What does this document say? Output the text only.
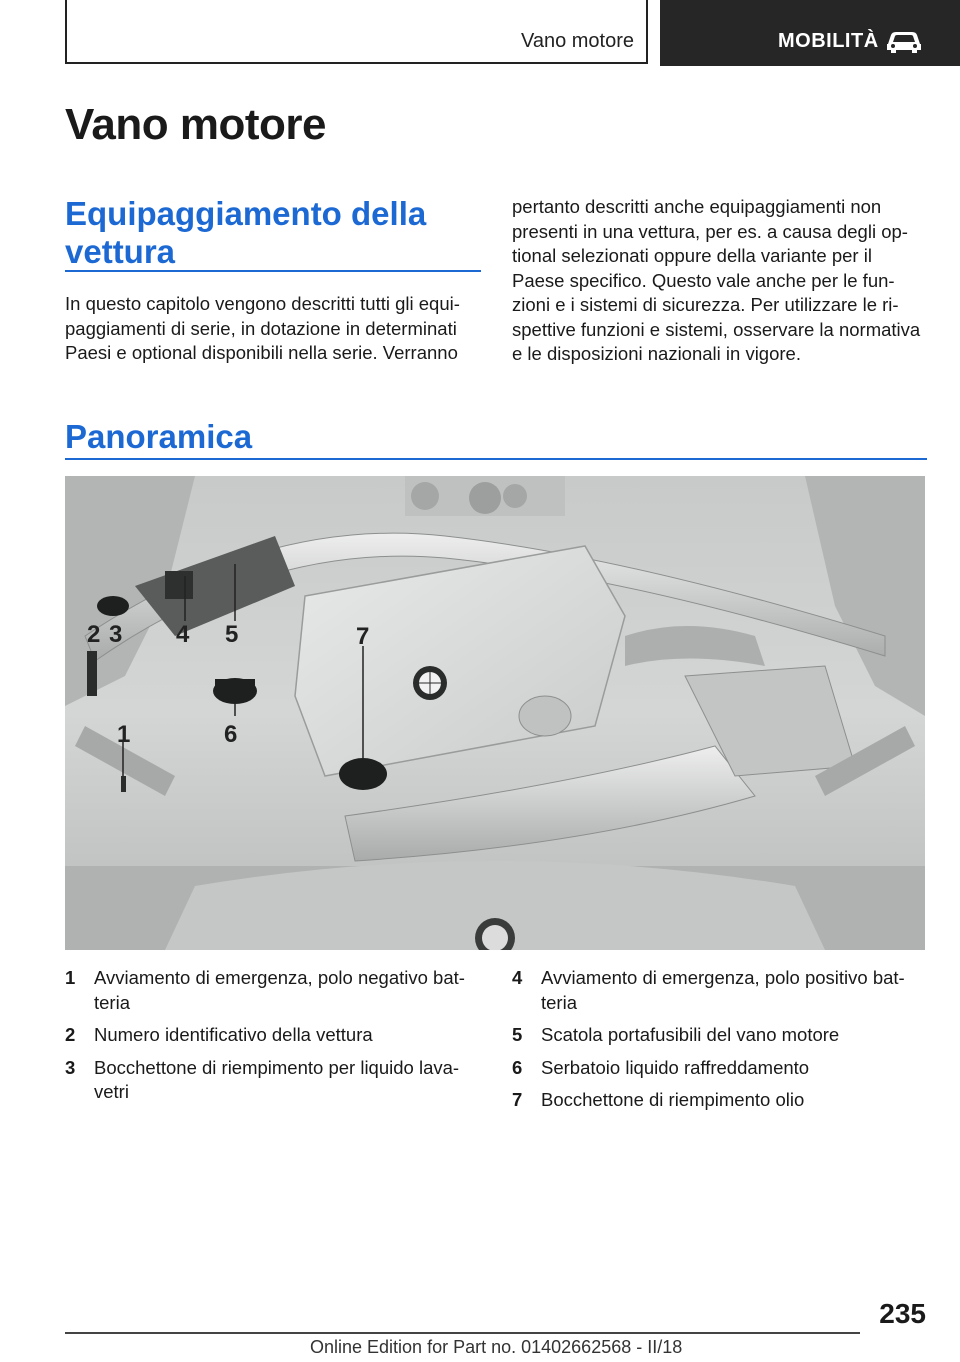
Vano motore	MOBILITÀ
Vano motore
Equipaggiamento della
vettura
In questo capitolo vengono descritti tutti gli equi-
paggiamenti di serie, in dotazione in determinati
Paesi e optional disponibili nella serie. Verranno
pertanto descritti anche equipaggiamenti non
presenti in una vettura, per es. a causa degli op-
tional selezionati oppure della variante per il
Paese specifico. Questo vale anche per le fun-
zioni e i sistemi di sicurezza. Per utilizzare le ri-
spettive funzioni e sistemi, osservare la normativa
e le disposizioni nazionali in vigore.
Panoramica
2 3 4 5	7
1	6
1 Avviamento di emergenza, polo negativo bat-
teria
2 Numero identificativo della vettura
3 Bocchettone di riempimento per liquido lava-
vetri
4 Avviamento di emergenza, polo positivo bat-
teria
5 Scatola portafusibili del vano motore
6 Serbatoio liquido raffreddamento
7 Bocchettone di riempimento olio
235
Online Edition for Part no. 01402662568 - II/18
